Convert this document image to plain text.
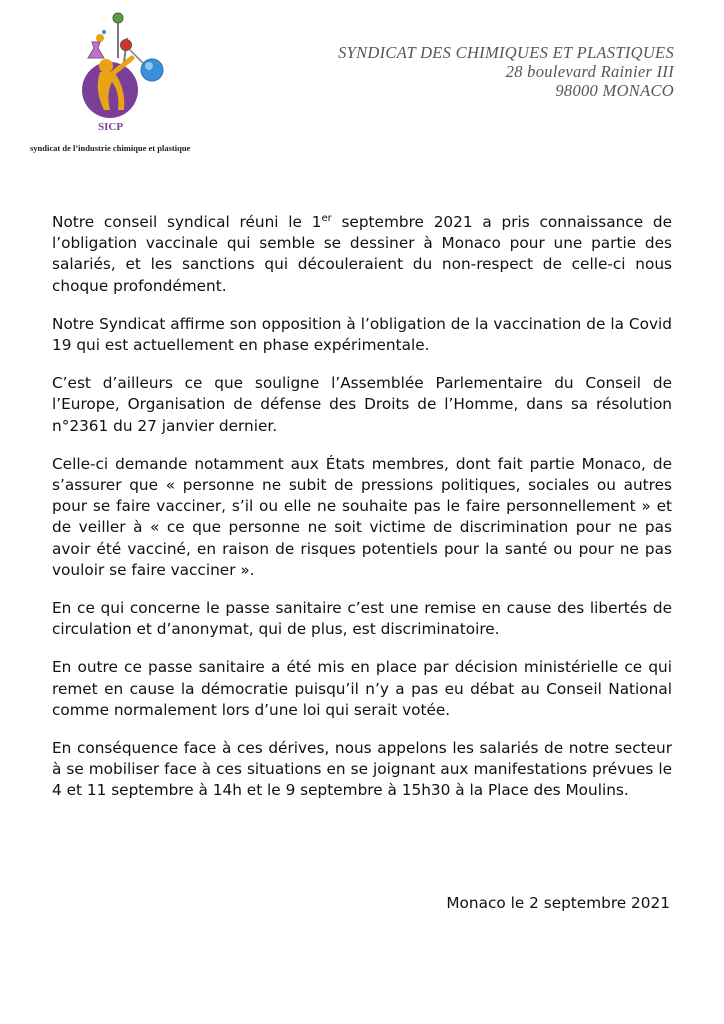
SICP
syndicat de l’industrie chimique et plastique
SYNDICAT DES CHIMIQUES ET PLASTIQUES
28 boulevard Rainier III
98000 MONACO

Notre conseil syndical réuni le 1er septembre 2021 a pris connaissance de l’obligation vaccinale qui semble se dessiner à Monaco pour une partie des salariés, et les sanctions qui découleraient du non-respect de celle-ci nous choque profondément.

Notre Syndicat affirme son opposition à l’obligation de la vaccination de la Covid 19 qui est actuellement en phase expérimentale.

C’est d’ailleurs ce que souligne l’Assemblée Parlementaire du Conseil de l’Europe, Organisation de défense des Droits de l’Homme, dans sa résolution n°2361 du 27 janvier dernier.

Celle-ci demande notamment aux États membres, dont fait partie Monaco, de s’assurer que « personne ne subit de pressions politiques, sociales ou autres pour se faire vacciner, s’il ou elle ne souhaite pas le faire personnellement » et de veiller à « ce que personne ne soit victime de discrimination pour ne pas avoir été vacciné, en raison de risques potentiels pour la santé ou pour ne pas vouloir se faire vacciner ».

En ce qui concerne le passe sanitaire c’est une remise en cause des libertés de circulation et d’anonymat, qui de plus, est discriminatoire.

En outre ce passe sanitaire a été mis en place par décision ministérielle ce qui remet en cause la démocratie puisqu’il n’y a pas eu débat au Conseil National comme normalement lors d’une loi qui serait votée.

En conséquence face à ces dérives, nous appelons les salariés de notre secteur à se mobiliser face à ces situations en se joignant aux manifestations prévues le 4 et 11 septembre à 14h et le 9 septembre à 15h30 à la Place des Moulins.

Monaco le 2 septembre 2021
